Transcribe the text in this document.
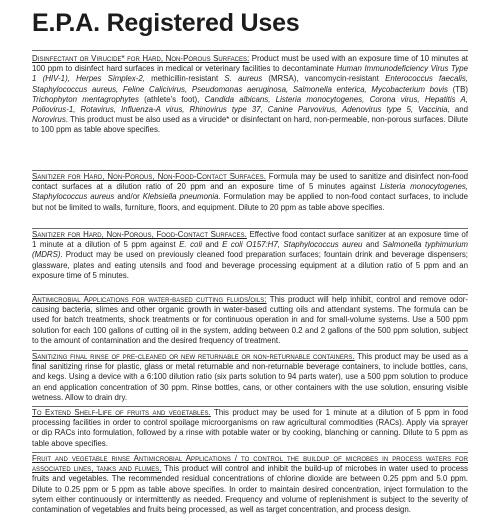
E.P.A. Registered Uses

Disinfectant or Virucide* for Hard, Non-Porous Surfaces: Product must be used with an exposure time of 10 minutes at 100 ppm to disinfect hard surfaces in medical or veterinary facilities to decontaminate Human Immunodeficiency Virus Type 1 (HIV-1), Herpes Simplex-2, methicillin-resistant S. aureus (MRSA), vancomycin-resistant Enterococcus faecalis, Staphylococcus aureus, Feline Calicivirus, Pseudomonas aeruginosa, Salmonella enterica, Mycobacterium bovis (TB) Trichophyton mentagrophytes (athlete’s foot), Candida albicans, Listeria monocytogenes, Corona virus, Hepatitis A, Poliovirus-1, Rotavirus, Influenza-A virus, Rhinovirus type 37, Canine Parvovirus, Adenovirus type 5, Vaccinia, and Norovirus. This product must be also used as a virucide* or disinfectant on hard, non-permeable, non-porous surfaces. Dilute to 100 ppm as table above specifies.

Sanitizer for Hard, Non-Porous, Non-Food-Contact Surfaces. Formula may be used to sanitize and disinfect non-food contact surfaces at a dilution ratio of 20 ppm and an exposure time of 5 minutes against Listeria monocytogenes, Staphylococcus aureus and/or Klebsiella pneumonia. Formulation may be applied to non-food contact surfaces, to include but not be limited to walls, furniture, floors, and equipment. Dilute to 20 ppm as table above specifies.

Sanitizer for Hard, Non-Porous, Food-Contact Surfaces. Effective food contact surface sanitizer at an exposure time of 1 minute at a dilution of 5 ppm against E. coli and E coli O157:H7, Staphylococcus aureu and Salmonella typhimurium (MDRS). Product may be used on previously cleaned food preparation surfaces; fountain drink and beverage dispensers; glassware, plates and eating utensils and food and beverage processing equipment at a dilution ratio of 5 ppm and an exposure time of 5 minutes.

Antimicrobial Applications for water-based cutting fluids/oils: This product will help inhibit, control and remove odor-causing bacteria, slimes and other organic growth in water-based cutting oils and attendant systems. The formula can be used for batch treatments, shock treatments or for continuous operation in and for small-volume systems. Use a 500 ppm solution for each 100 gallons of cutting oil in the system, adding between 0.2 and 2 gallons of the 500 ppm solution, subject to the amount of contamination and the desired frequency of treatment.

Sanitizing final rinse of pre-cleaned or new returnable or non-returnable containers. This product may be used as a final sanitizing rinse for plastic, glass or metal returnable and non-returnable beverage containers, to include bottles, cans, and kegs. Using a device with a 6:100 dilution ratio (six parts solution to 94 parts water), use a 500 ppm solution to produce an end application concentration of 30 ppm. Rinse bottles, cans, or other containers with the use solution, ensuring visible wetness. Allow to drain dry.

To Extend Shelf-Life of fruits and vegetables. This product may be used for 1 minute at a dilution of 5 ppm in food processing facilities in order to control spoilage microorganisms on raw agricultural commodities (RACs). Apply via sprayer or dip RACs into formulation, followed by a rinse with potable water or by cooking, blanching or canning. Dilute to 5 ppm as table above specifies.

Fruit and vegetable rinse Antimicrobial Applications / to control the buildup of microbes in process waters for associated lines, tanks and flumes. This product will control and inhibit the build-up of microbes in water used to process fruits and vegetables. The recommended residual concentrations of chlorine dioxide are between 0.25 ppm and 5.0 ppm. Dilute to 0.25 ppm or 5 ppm as table above specifies. In order to maintain desired concentration, inject formulation to the sytem either continuously or intermittently as needed. Frequency and volume of replenishment is subject to the severity of contamination of vegetables and fruits being processed, as well as target concentration, and process design.
